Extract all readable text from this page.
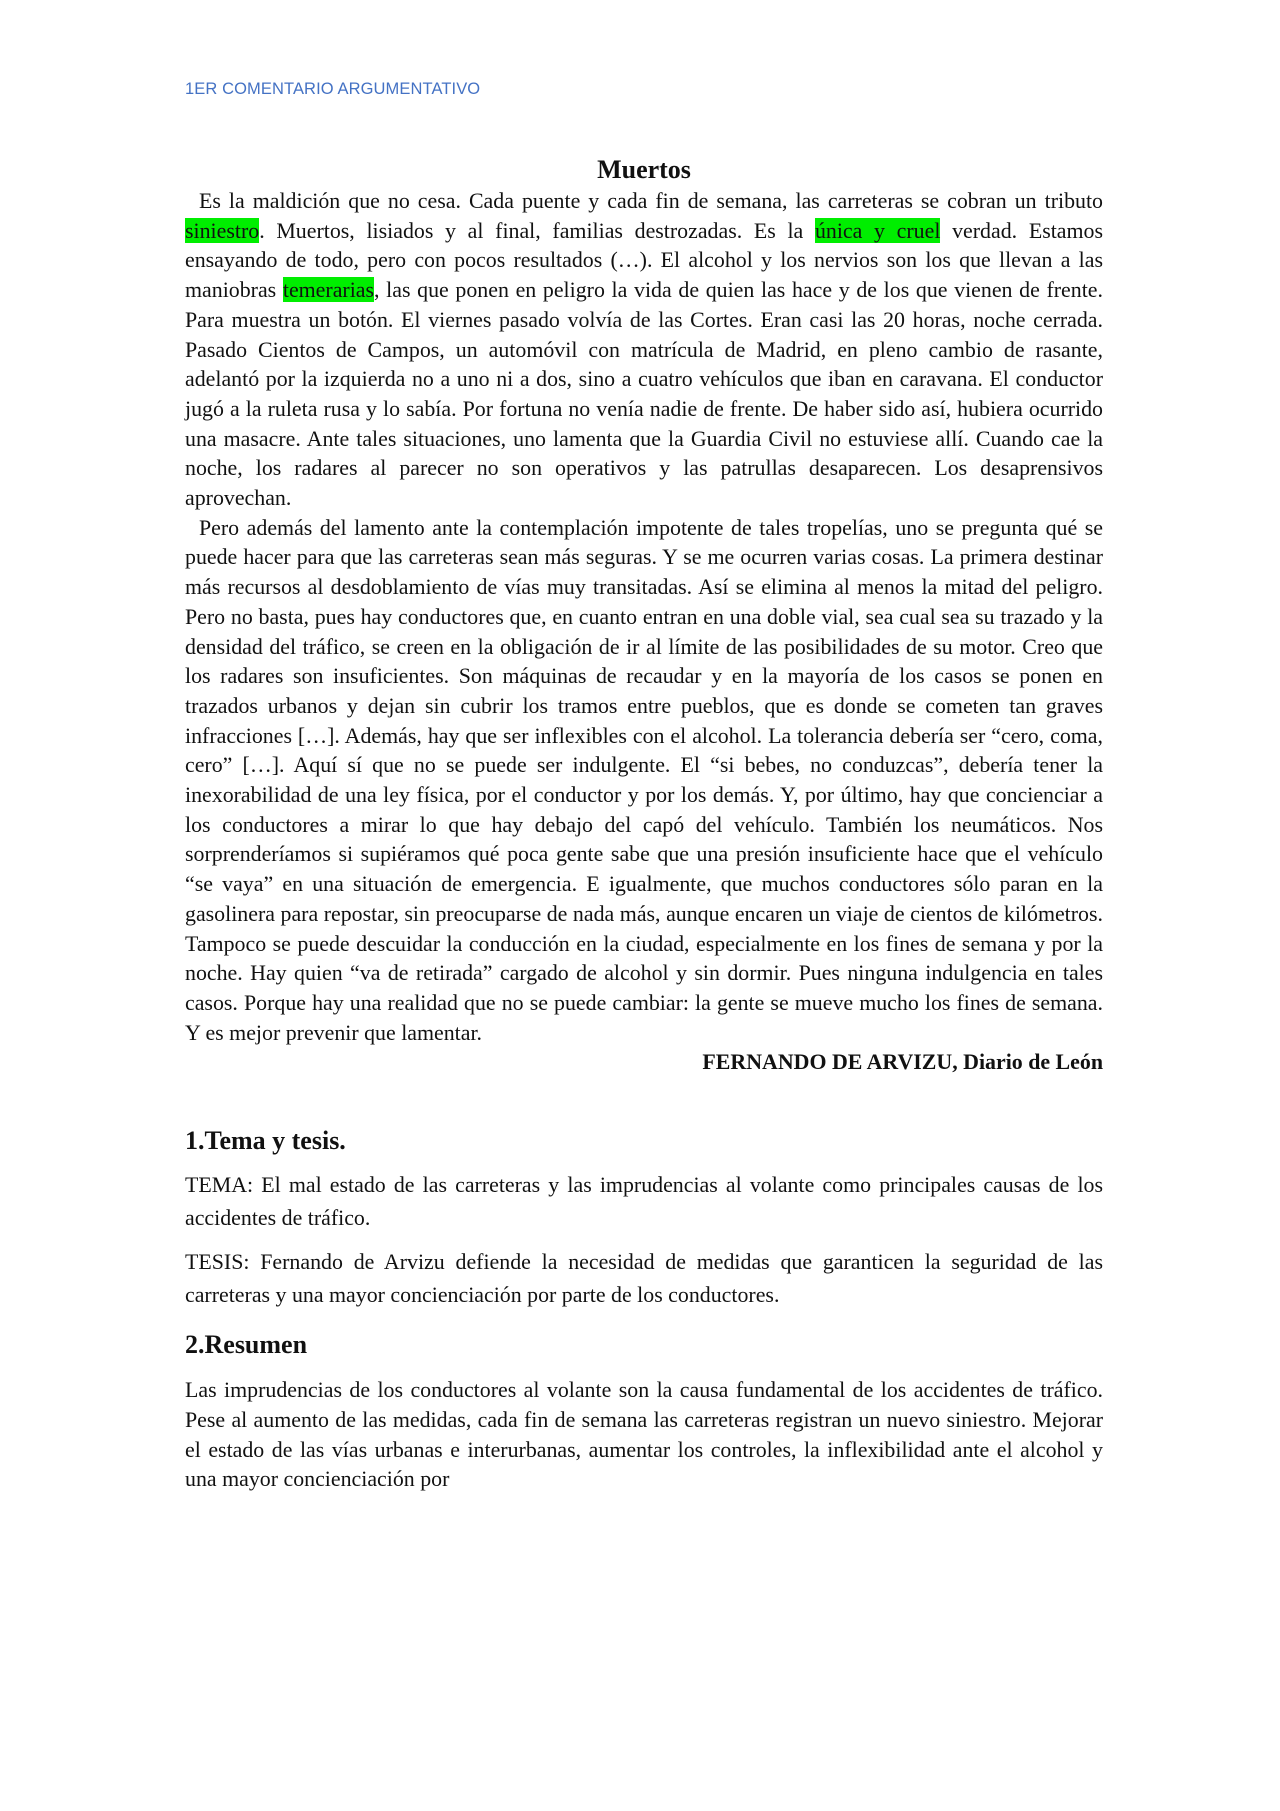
1ER COMENTARIO ARGUMENTATIVO
Muertos

Es la maldición que no cesa. Cada puente y cada fin de semana, las carreteras se cobran un tributo siniestro. Muertos, lisiados y al final, familias destrozadas. Es la única y cruel verdad. Estamos ensayando de todo, pero con pocos resultados (…). El alcohol y los nervios son los que llevan a las maniobras temerarias, las que ponen en peligro la vida de quien las hace y de los que vienen de frente. Para muestra un botón. El viernes pasado volvía de las Cortes. Eran casi las 20 horas, noche cerrada. Pasado Cientos de Campos, un automóvil con matrícula de Madrid, en pleno cambio de rasante, adelantó por la izquierda no a uno ni a dos, sino a cuatro vehículos que iban en caravana. El conductor jugó a la ruleta rusa y lo sabía. Por fortuna no venía nadie de frente. De haber sido así, hubiera ocurrido una masacre. Ante tales situaciones, uno lamenta que la Guardia Civil no estuviese allí. Cuando cae la noche, los radares al parecer no son operativos y las patrullas desaparecen. Los desaprensivos aprovechan.

Pero además del lamento ante la contemplación impotente de tales tropelías, uno se pregunta qué se puede hacer para que las carreteras sean más seguras. Y se me ocurren varias cosas. La primera destinar más recursos al desdoblamiento de vías muy transitadas. Así se elimina al menos la mitad del peligro. Pero no basta, pues hay conductores que, en cuanto entran en una doble vial, sea cual sea su trazado y la densidad del tráfico, se creen en la obligación de ir al límite de las posibilidades de su motor. Creo que los radares son insuficientes. Son máquinas de recaudar y en la mayoría de los casos se ponen en trazados urbanos y dejan sin cubrir los tramos entre pueblos, que es donde se cometen tan graves infracciones […]. Además, hay que ser inflexibles con el alcohol. La tolerancia debería ser “cero, coma, cero” […]. Aquí sí que no se puede ser indulgente. El “si bebes, no conduzcas”, debería tener la inexorabilidad de una ley física, por el conductor y por los demás. Y, por último, hay que concienciar a los conductores a mirar lo que hay debajo del capó del vehículo. También los neumáticos. Nos sorprenderíamos si supiéramos qué poca gente sabe que una presión insuficiente hace que el vehículo “se vaya” en una situación de emergencia. E igualmente, que muchos conductores sólo paran en la gasolinera para repostar, sin preocuparse de nada más, aunque encaren un viaje de cientos de kilómetros. Tampoco se puede descuidar la conducción en la ciudad, especialmente en los fines de semana y por la noche. Hay quien “va de retirada” cargado de alcohol y sin dormir. Pues ninguna indulgencia en tales casos. Porque hay una realidad que no se puede cambiar: la gente se mueve mucho los fines de semana. Y es mejor prevenir que lamentar.

FERNANDO DE ARVIZU, Diario de León

1.Tema y tesis.

TEMA: El mal estado de las carreteras y las imprudencias al volante como principales causas de los accidentes de tráfico.

TESIS: Fernando de Arvizu defiende la necesidad de medidas que garanticen la seguridad de las carreteras y una mayor concienciación por parte de los conductores.

2.Resumen

Las imprudencias de los conductores al volante son la causa fundamental de los accidentes de tráfico. Pese al aumento de las medidas, cada fin de semana las carreteras registran un nuevo siniestro. Mejorar el estado de las vías urbanas e interurbanas, aumentar los controles, la inflexibilidad ante el alcohol y una mayor concienciación por
